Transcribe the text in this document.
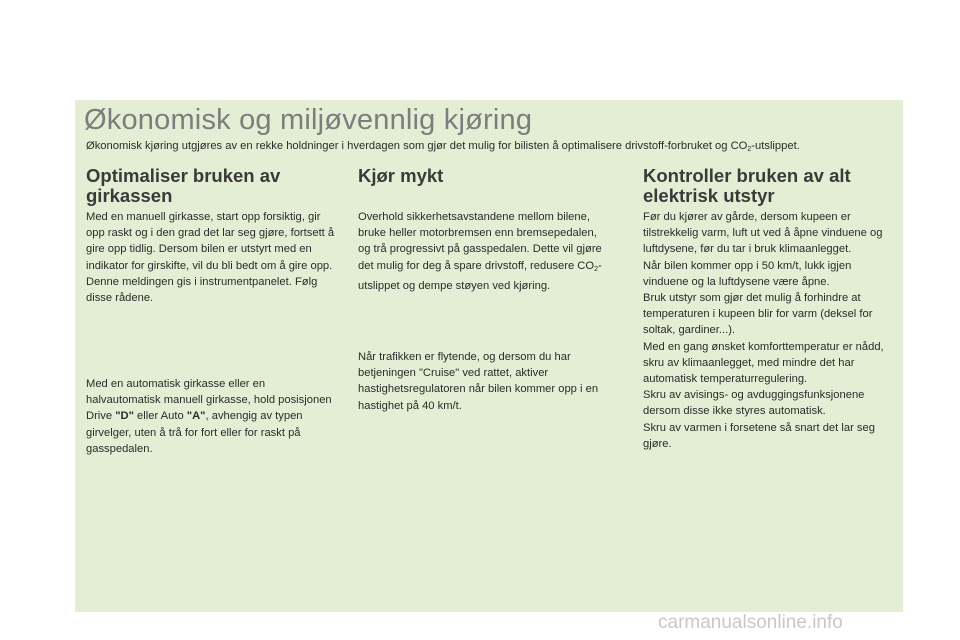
Økonomisk og miljøvennlig kjøring

Økonomisk kjøring utgjøres av en rekke holdninger i hverdagen som gjør det mulig for bilisten å optimalisere drivstoff-forbruket og $CO_2$-utslippet.

Optimaliser bruken av girkassen

Med en manuell girkasse, start opp forsiktig, gir opp raskt og i den grad det lar seg gjøre, fortsett å gire opp tidlig. Dersom bilen er utstyrt med en indikator for girskifte, vil du bli bedt om å gire opp. Denne meldingen gis i instrumentpanelet. Følg disse rådene.

Med en automatisk girkasse eller en halvautomatisk manuell girkasse, hold posisjonen Drive "D" eller Auto "A", avhengig av typen girvelger, uten å trå for fort eller for raskt på gasspedalen.

Kjør mykt

Overhold sikkerhetsavstandene mellom bilene, bruke heller motorbremsen enn bremsepedalen, og trå progressivt på gasspedalen. Dette vil gjøre det mulig for deg å spare drivstoff, redusere $CO_2$-utslippet og dempe støyen ved kjøring.

Når trafikken er flytende, og dersom du har betjeningen "Cruise" ved rattet, aktiver hastighetsregulatoren når bilen kommer opp i en hastighet på 40 km/t.

Kontroller bruken av alt elektrisk utstyr

Før du kjører av gårde, dersom kupeen er tilstrekkelig varm, luft ut ved å åpne vinduene og luftdysene, før du tar i bruk klimaanlegget.
Når bilen kommer opp i 50 km/t, lukk igjen vinduene og la luftdysene være åpne.
Bruk utstyr som gjør det mulig å forhindre at temperaturen i kupeen blir for varm (deksel for soltak, gardiner...).
Med en gang ønsket komforttemperatur er nådd, skru av klimaanlegget, med mindre det har automatisk temperaturregulering.
Skru av avisings- og avduggingsfunksjonene dersom disse ikke styres automatisk.
Skru av varmen i forsetene så snart det lar seg gjøre.

carmanualsonline.info
